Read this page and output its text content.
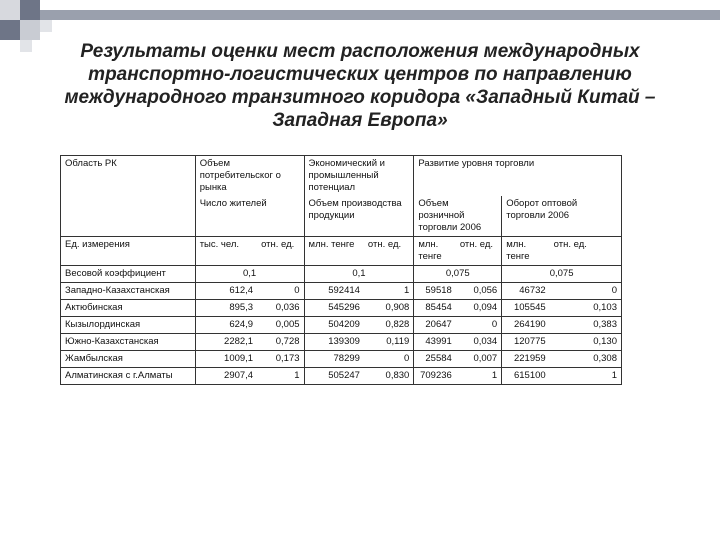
Результаты оценки мест расположения международных транспортно-логистических центров по направлению международного транзитного коридора «Западный Китай – Западная Европа»
Область РК	Объем потребительског о рынка		Экономический и промышленный потенциал		Развитие уровня торговли			
	Число жителей		Объем производства продукции		Объем розничной торговли 2006		Оборот оптовой торговли 2006	
Ед. измерения	тыс. чел.	отн. ед.	млн. тенге	отн. ед.	млн. тенге	отн. ед.	млн. тенге	отн. ед.
Весовой коэффициент	0,1		0,1		0,075		0,075	
Западно-Казахстанская	612,4	0	592414	1	59518	0,056	46732	0
Актюбинская	895,3	0,036	545296	0,908	85454	0,094	105545	0,103
Кызылординская	624,9	0,005	504209	0,828	20647	0	264190	0,383
Южно-Казахстанская	2282,1	0,728	139309	0,119	43991	0,034	120775	0,130
Жамбылская	1009,1	0,173	78299	0	25584	0,007	221959	0,308
Алматинская с г.Алматы	2907,4	1	505247	0,830	709236	1	615100	1
